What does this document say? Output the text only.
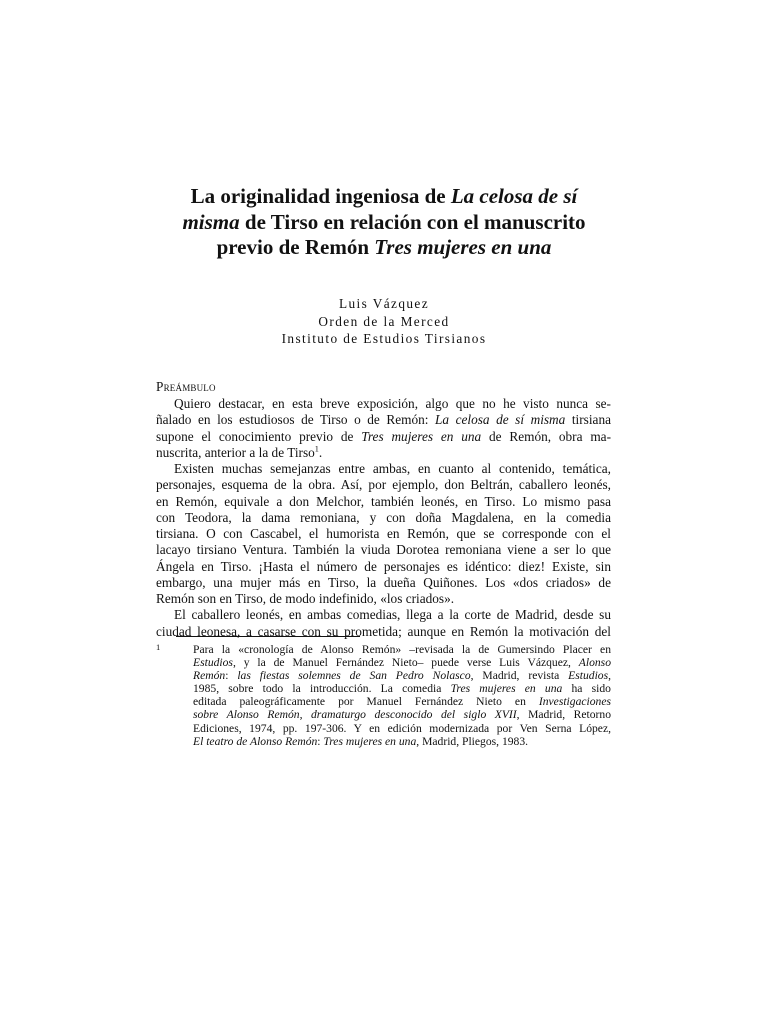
La originalidad ingeniosa de La celosa de sí
misma de Tirso en relación con el manuscrito
previo de Remón Tres mujeres en una
Luis Vázquez
Orden de la Merced
Instituto de Estudios Tirsianos
Preámbulo
Quiero destacar, en esta breve exposición, algo que no he visto nunca se-
ñalado en los estudiosos de Tirso o de Remón: La celosa de sí misma tirsiana
supone el conocimiento previo de Tres mujeres en una de Remón, obra ma-
nuscrita, anterior a la de Tirso$^1$.
Existen muchas semejanzas entre ambas, en cuanto al contenido, temática,
personajes, esquema de la obra. Así, por ejemplo, don Beltrán, caballero leonés,
en Remón, equivale a don Melchor, también leonés, en Tirso. Lo mismo pasa
con Teodora, la dama remoniana, y con doña Magdalena, en la comedia
tirsiana. O con Cascabel, el humorista en Remón, que se corresponde con el
lacayo tirsiano Ventura. También la viuda Dorotea remoniana viene a ser lo que
Ángela en Tirso. ¡Hasta el número de personajes es idéntico: diez! Existe, sin
embargo, una mujer más en Tirso, la dueña Quiñones. Los «dos criados» de
Remón son en Tirso, de modo indefinido, «los criados».
El caballero leonés, en ambas comedias, llega a la corte de Madrid, desde su
ciudad leonesa, a casarse con su prometida; aunque en Remón la motivación del
1	Para la «cronología de Alonso Remón» –revisada la de Gumersindo Placer en
Estudios, y la de Manuel Fernández Nieto– puede verse Luis Vázquez, Alonso
Remón: las fiestas solemnes de San Pedro Nolasco, Madrid, revista Estudios,
1985, sobre todo la introducción. La comedia Tres mujeres en una ha sido
editada paleográficamente por Manuel Fernández Nieto en Investigaciones
sobre Alonso Remón, dramaturgo desconocido del siglo XVII, Madrid, Retorno
Ediciones, 1974, pp. 197-306. Y en edición modernizada por Ven Serna López,
El teatro de Alonso Remón: Tres mujeres en una, Madrid, Pliegos, 1983.
